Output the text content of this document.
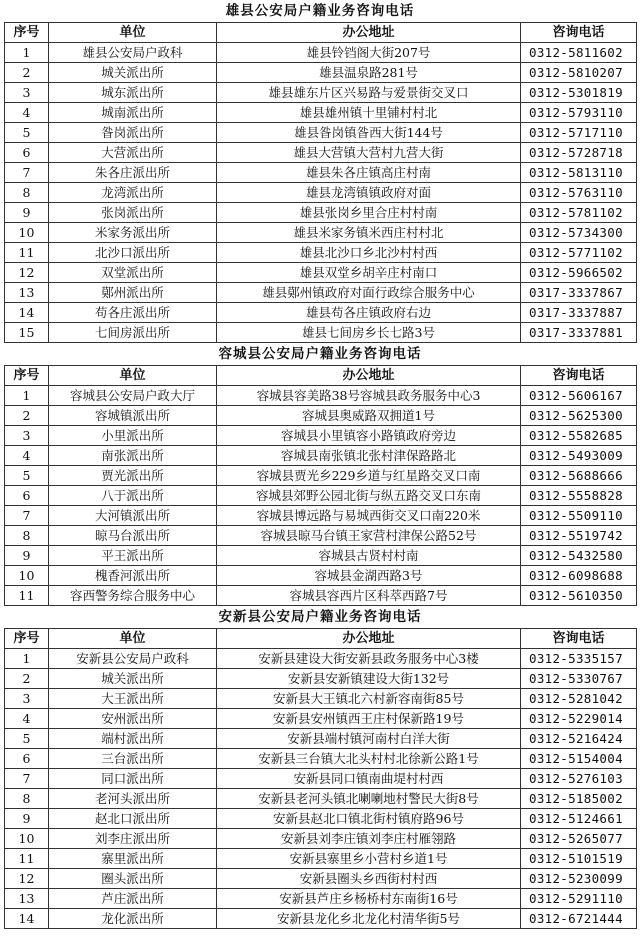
雄县公安局户籍业务咨询电话
序号	单位	办公地址	咨询电话
1	雄县公安局户政科	雄县铃铛阁大街207号	0312-5811602
2	城关派出所	雄县温泉路281号	0312-5810207
3	城东派出所	雄县雄东片区兴易路与爱景街交叉口	0312-5301819
4	城南派出所	雄县雄州镇十里铺村村北	0312-5793110
5	昝岗派出所	雄县昝岗镇昝西大街144号	0312-5717110
6	大营派出所	雄县大营镇大营村九营大街	0312-5728718
7	朱各庄派出所	雄县朱各庄镇高庄村南	0312-5813110
8	龙湾派出所	雄县龙湾镇镇政府对面	0312-5763110
9	张岗派出所	雄县张岗乡里合庄村村南	0312-5781102
10	米家务派出所	雄县米家务镇米西庄村村北	0312-5734300
11	北沙口派出所	雄县北沙口乡北沙村村西	0312-5771102
12	双堂派出所	雄县双堂乡胡辛庄村南口	0312-5966502
13	鄚州派出所	雄县鄚州镇政府对面行政综合服务中心	0317-3337867
14	苟各庄派出所	雄县苟各庄镇政府右边	0317-3337887
15	七间房派出所	雄县七间房乡长七路3号	0317-3337881
容城县公安局户籍业务咨询电话
序号	单位	办公地址	咨询电话
1	容城县公安局户政大厅	容城县容美路38号容城县政务服务中心3	0312-5606167
2	容城镇派出所	容城县奥威路双拥道1号	0312-5625300
3	小里派出所	容城县小里镇容小路镇政府旁边	0312-5582685
4	南张派出所	容城县南张镇北张村津保路路北	0312-5493009
5	贾光派出所	容城县贾光乡229乡道与红星路交叉口南	0312-5688666
6	八于派出所	容城县郊野公园北街与纵五路交叉口东南	0312-5558828
7	大河镇派出所	容城县博远路与易城西街交叉口南220米	0312-5509110
8	晾马台派出所	容城县晾马台镇王家营村津保公路52号	0312-5519742
9	平王派出所	容城县古贤村村南	0312-5432580
10	槐香河派出所	容城县金湖西路3号	0312-6098688
11	容西警务综合服务中心	容城县容西片区科萃西路7号	0312-5610350
安新县公安局户籍业务咨询电话
序号	单位	办公地址	咨询电话
1	安新县公安局户政科	安新县建设大街安新县政务服务中心3楼	0312-5335157
2	城关派出所	安新县安新镇建设大街132号	0312-5330767
3	大王派出所	安新县大王镇北六村新容南街85号	0312-5281042
4	安州派出所	安新县安州镇西王庄村保新路19号	0312-5229014
5	端村派出所	安新县端村镇河南村白洋大街	0312-5216424
6	三台派出所	安新县三台镇大北头村村北徐新公路1号	0312-5154004
7	同口派出所	安新县同口镇南曲堤村村西	0312-5276103
8	老河头派出所	安新县老河头镇北喇喇地村警民大街8号	0312-5185002
9	赵北口派出所	安新县赵北口镇北街村镇府路96号	0312-5124661
10	刘李庄派出所	安新县刘李庄镇刘李庄村雁翎路	0312-5265077
11	寨里派出所	安新县寨里乡小营村乡道1号	0312-5101519
12	圈头派出所	安新县圈头乡西街村村西	0312-5230099
13	芦庄派出所	安新县芦庄乡杨桥村东南街16号	0312-5291110
14	龙化派出所	安新县龙化乡北龙化村清华街5号	0312-6721444
